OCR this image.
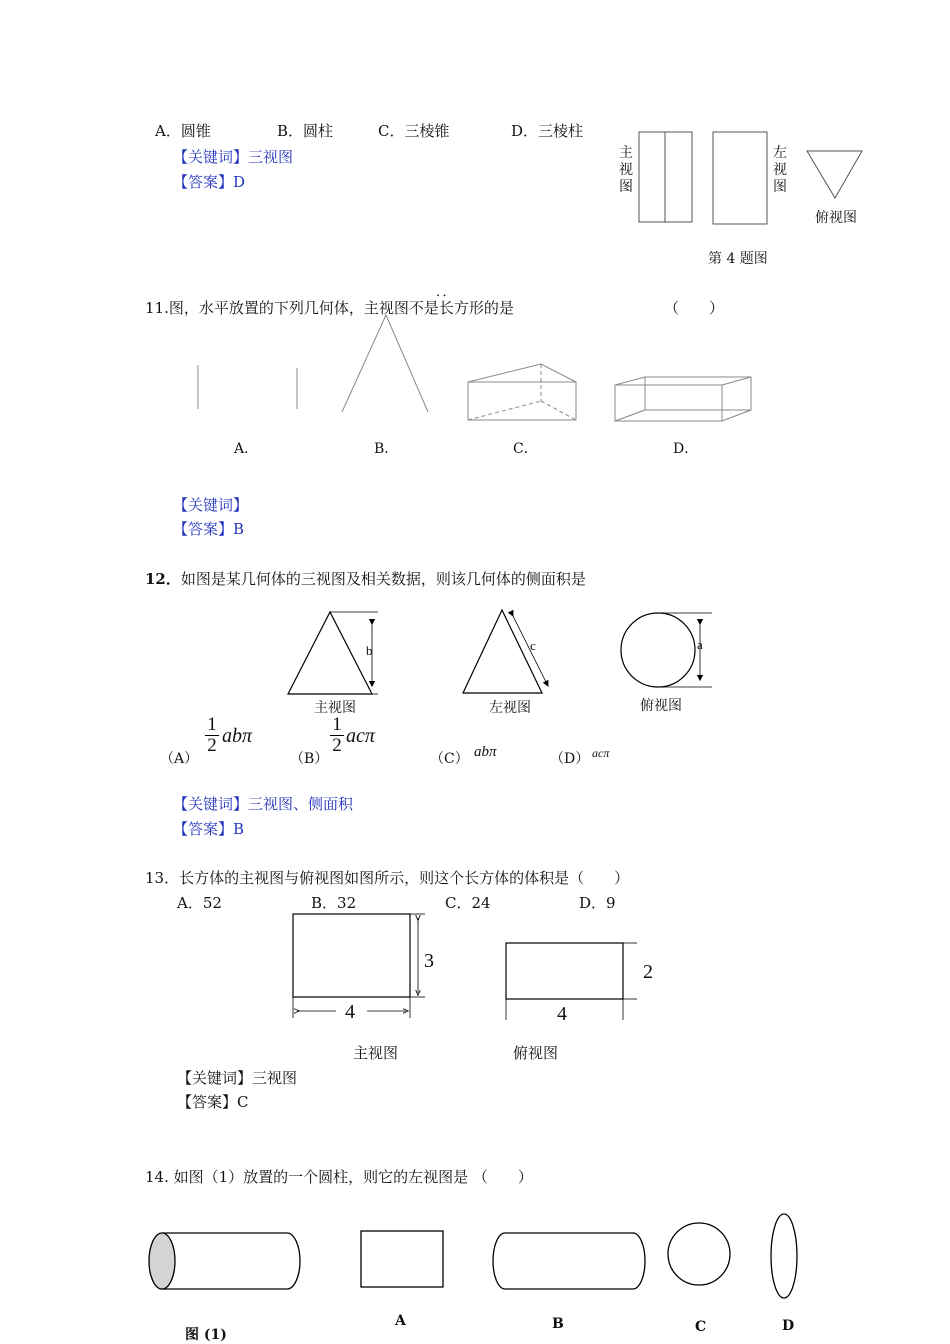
A．圆锥	B．圆柱	C．三棱锥	D．三棱柱
【关键词】三视图
【答案】D
主视图
左视图
俯视图
第 4 题图
．．
11.图，水平放置的下列几何体，主视图不是长方形的是	（　　）
A．	B．	C．	D．
【关键词】
【答案】B
12．如图是某几何体的三视图及相关数据，则该几何体的侧面积是
b	c	a
主视图	左视图	俯视图
（A）
$\frac{1}{2}$ abπ
（B）
$\frac{1}{2}$ acπ
（C） abπ	（D） acπ
【关键词】三视图、侧面积
【答案】B
13．长方体的主视图与俯视图如图所示，则这个长方体的体积是（　　）
A．52	B．32	C．24	D．9
3
4
2
4
主视图	俯视图
【关键词】三视图
【答案】C
14. 如图（1）放置的一个圆柱，则它的左视图是 （　　）
图 (1)
A	B	C	D
